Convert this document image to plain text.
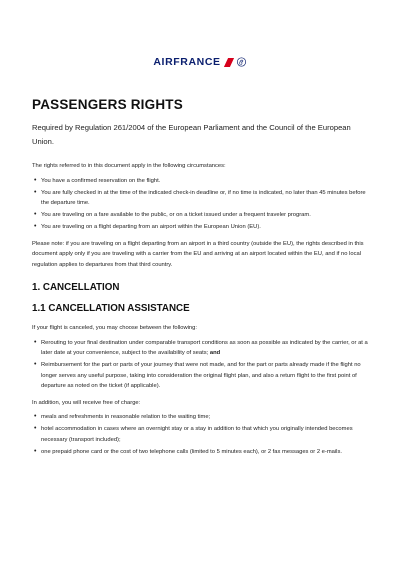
AIRFRANCE
PASSENGERS RIGHTS

Required by Regulation 261/2004 of the European Parliament and the Council of the European Union.

The rights referred to in this document apply in the following circumstances:

• You have a confirmed reservation on the flight.
• You are fully checked in at the time of the indicated check-in deadline or, if no time is indicated, no later than 45 minutes before the departure time.
• You are traveling on a fare available to the public, or on a ticket issued under a frequent traveler program.
• You are traveling on a flight departing from an airport within the European Union (EU).

Please note: if you are traveling on a flight departing from an airport in a third country (outside the EU), the rights described in this document apply only if you are traveling with a carrier from the EU and arriving at an airport located within the EU, and if no local regulation applies to departures from that third country.

1. CANCELLATION
1.1 CANCELLATION ASSISTANCE

If your flight is canceled, you may choose between the following:

• Rerouting to your final destination under comparable transport conditions as soon as possible as indicated by the carrier, or at a later date at your convenience, subject to the availability of seats; and
• Reimbursement for the part or parts of your journey that were not made, and for the part or parts already made if the flight no longer serves any useful purpose, taking into consideration the original flight plan, and also a return flight to the first point of departure as noted on the ticket (if applicable).

In addition, you will receive free of charge:

• meals and refreshments in reasonable relation to the waiting time;
• hotel accommodation in cases where an overnight stay or a stay in addition to that which you originally intended becomes necessary (transport included);
• one prepaid phone card or the cost of two telephone calls (limited to 5 minutes each), or 2 fax messages or 2 e-mails.
